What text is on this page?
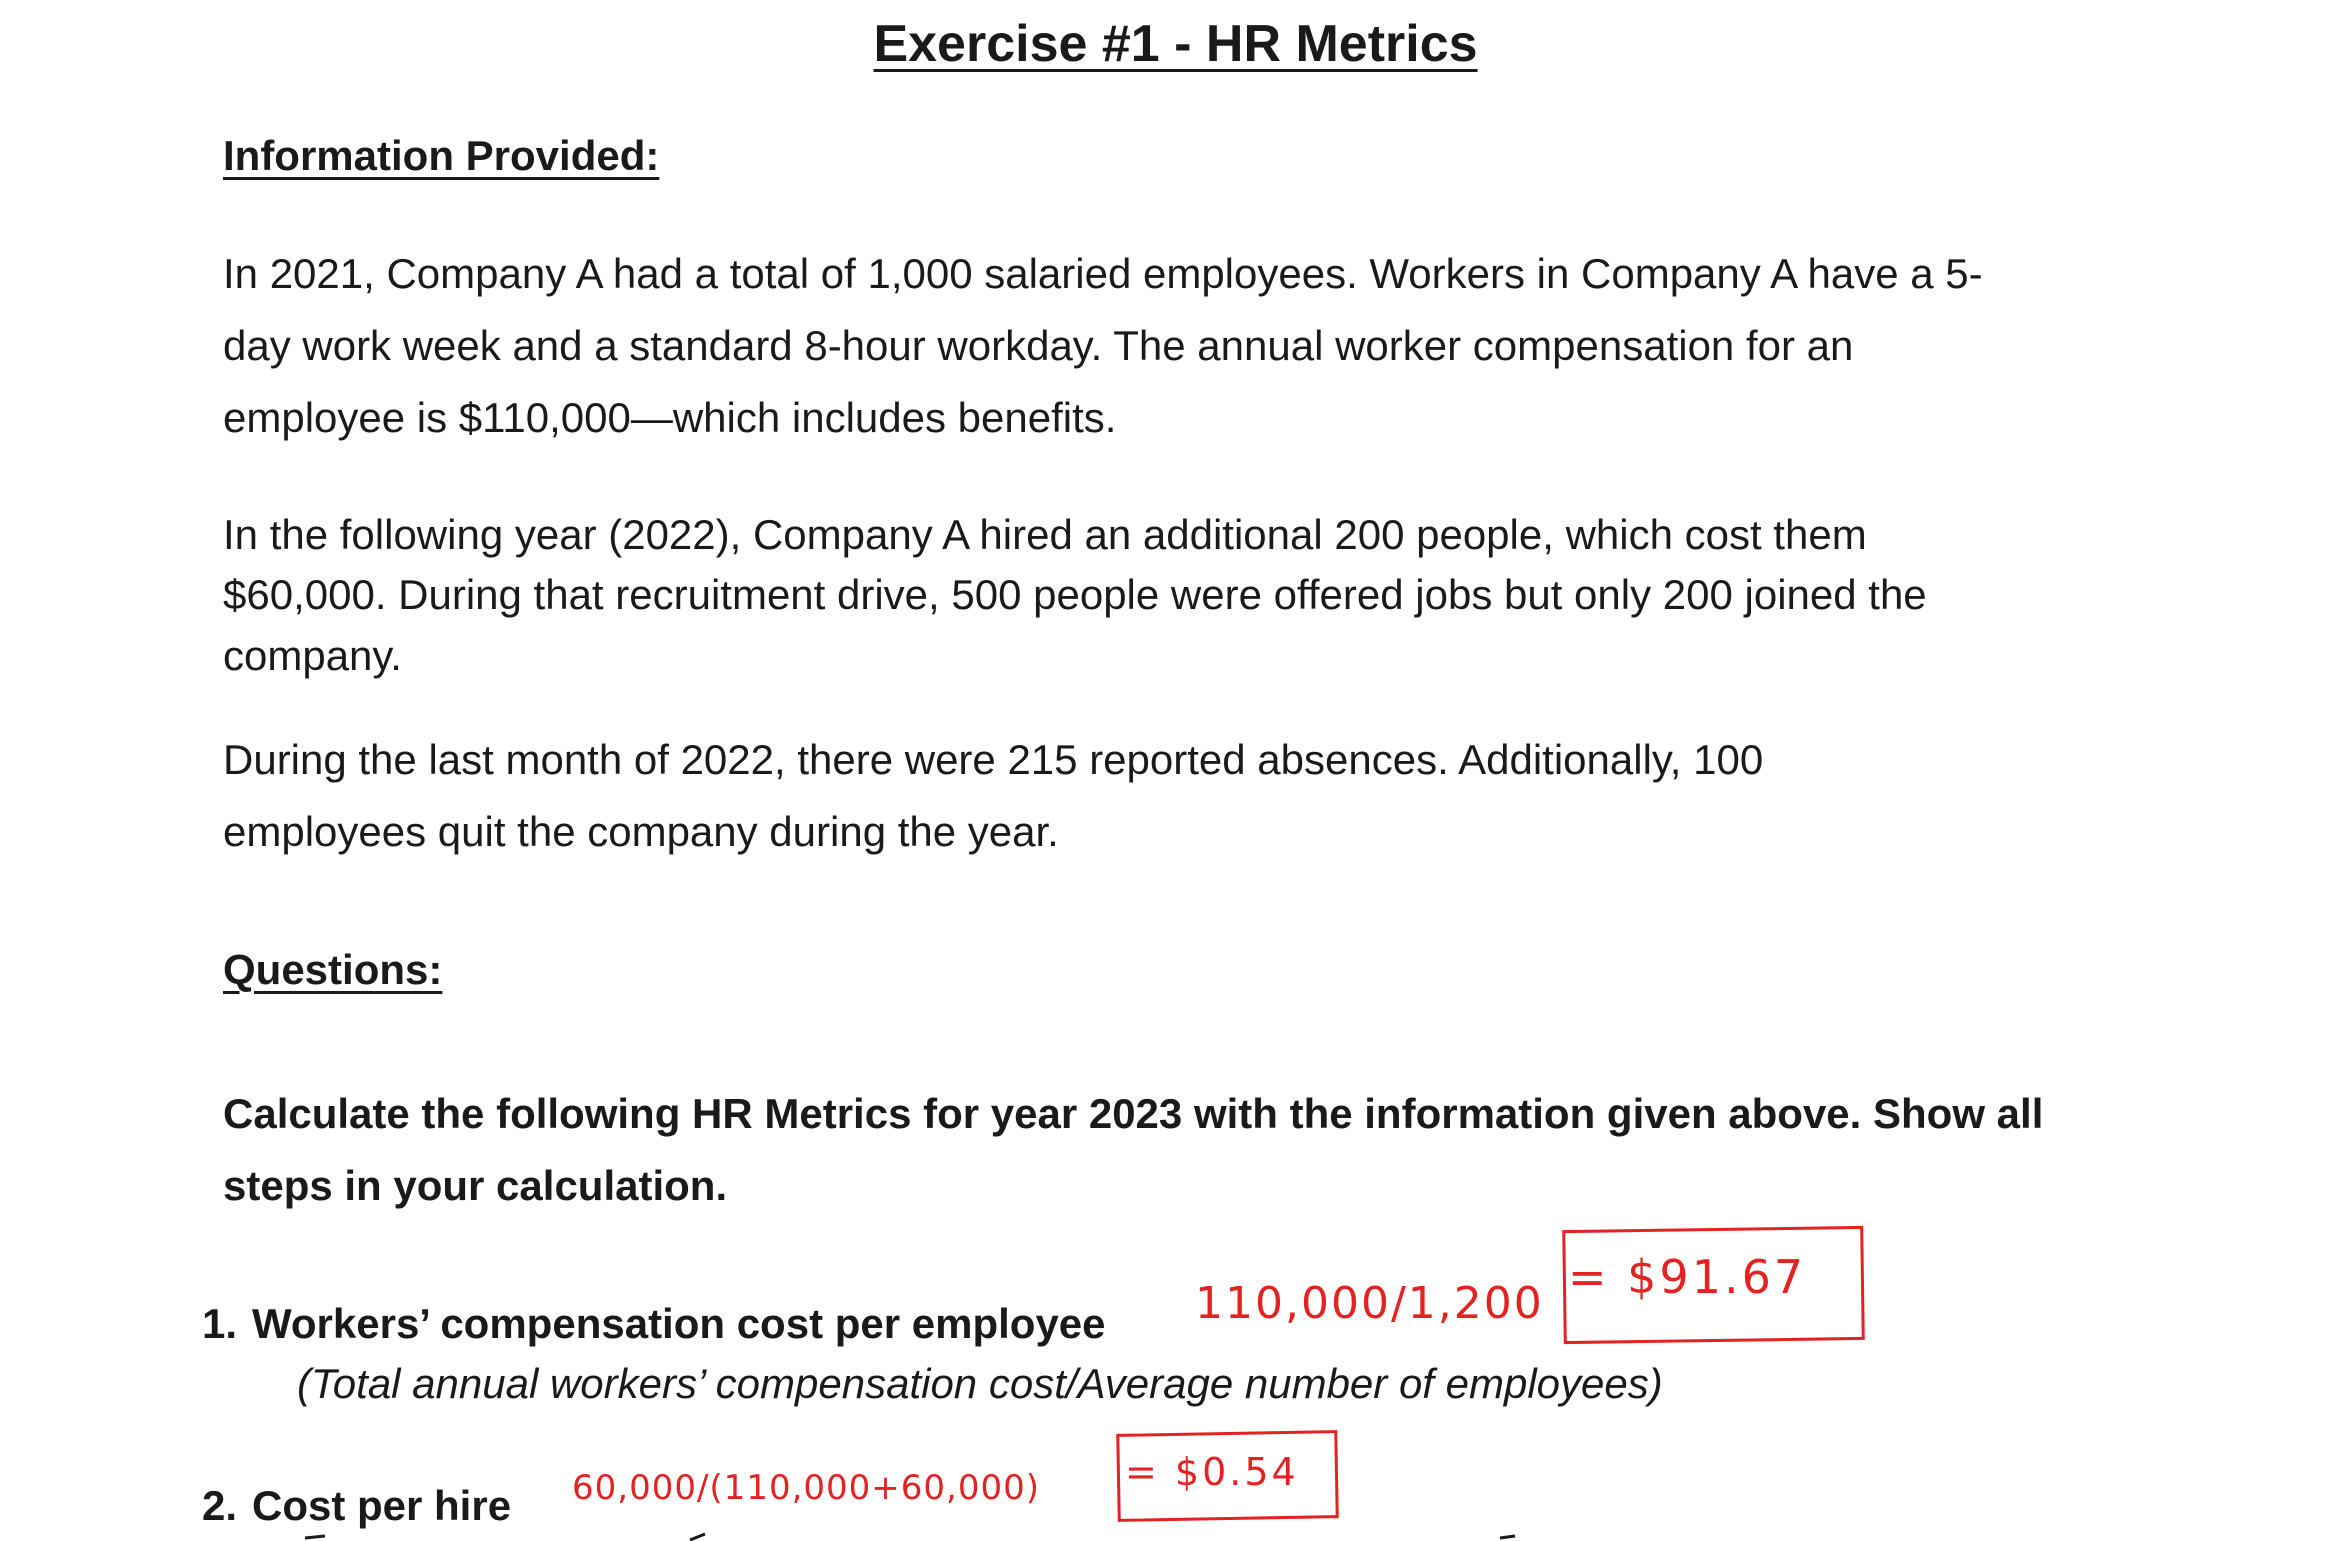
Exercise #1 - HR Metrics
Information Provided:
In 2021, Company A had a total of 1,000 salaried employees. Workers in Company A have a 5-
day work week and a standard 8-hour workday. The annual worker compensation for an
employee is $110,000—which includes benefits.
In the following year (2022), Company A hired an additional 200 people, which cost them
$60,000. During that recruitment drive, 500 people were offered jobs but only 200 joined the
company.
During the last month of 2022, there were 215 reported absences. Additionally, 100
employees quit the company during the year.
Questions:
Calculate the following HR Metrics for year 2023 with the information given above. Show all
steps in your calculation.
1. Workers’ compensation cost per employee
(Total annual workers’ compensation cost/Average number of employees)
110,000/1,200 = $91.67
2. Cost per hire 60,000/(110,000+60,000) = $0.54
